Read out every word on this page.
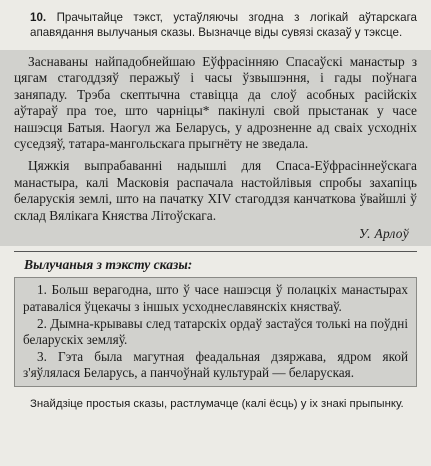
10. Прачытайце тэкст, устаўляючы згодна з логікай аўтарскага апавядання вылучаныя сказы. Вызначце віды сувязі сказаў у тэксце.

Заснаваны найпадобнейшаю Еўфрасінняю Спасаўскі манастыр з цягам стагоддзяў перажыў і часы ўзвышэння, і гады поўнага заняпаду. Трэба скептычна ставіцца да слоў асобных расійскіх аўтараў пра тое, што чарніцы* пакінулі свой прыстанак у часе нашэсця Батыя. Наогул жа Беларусь, у адрозненне ад сваіх усходніх суседзяў, татара-мангольскага прыгнёту не зведала.

Цяжкія выпрабаванні надышлі для Спаса-Еўфрасіннеўскага манастыра, калі Масковія распачала настойлівыя спробы захапіць беларускія землі, што на пачатку XIV стагоддзя канчаткова ўвайшлі ў склад Вялікага Княства Літоўскага.

У. Арлоў
Вылучаныя з тэксту сказы:

1. Больш верагодна, што ў часе нашэсця ў полацкіх манастырах ратаваліся ўцекачы з іншых усходнеславянскіх княстваў.

2. Дымна-крывавы след татарскіх ордаў застаўся толькі на поўдні беларускіх земляў.

3. Гэта была магутная феадальная дзяржава, ядром якой з'яўлялася Беларусь, а панчоўнай культурай — беларуская.

Знайдзіце простыя сказы, растлумачце (калі ёсць) у іх знакі прыпынку.
